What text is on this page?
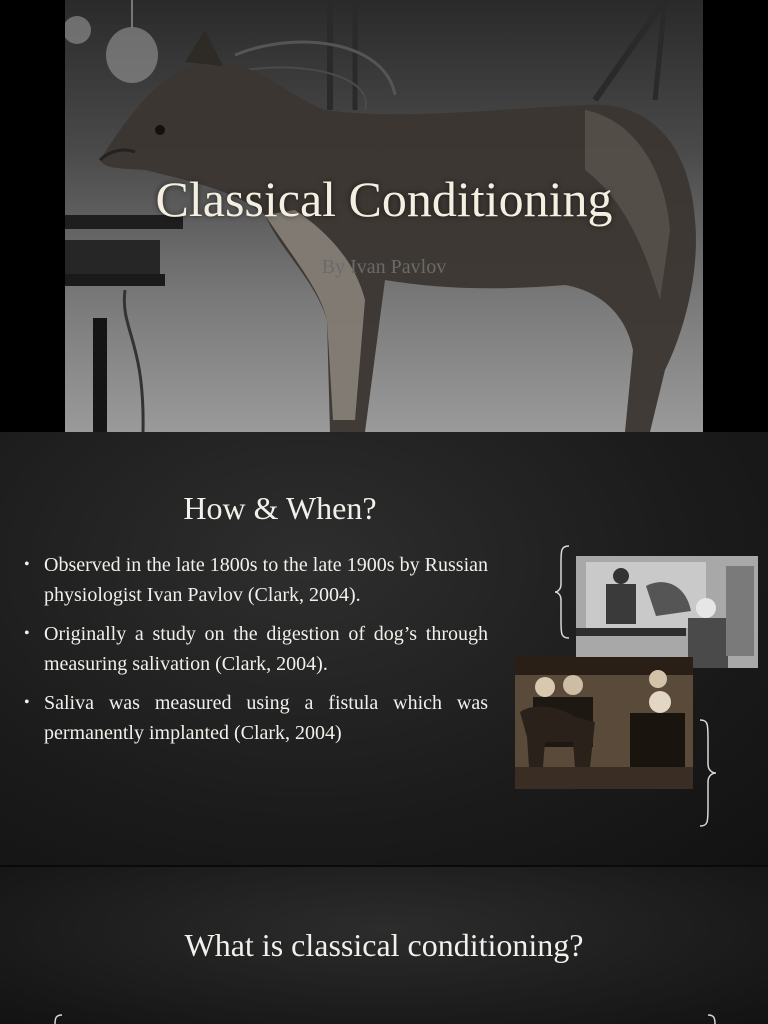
Classical Conditioning

By Ivan Pavlov

How & When?
• Observed in the late 1800s to the late 1900s by Russian physiologist Ivan Pavlov (Clark, 2004).
• Originally a study on the digestion of dog’s through measuring salivation (Clark, 2004).
• Saliva was measured using a fistula which was permanently implanted (Clark, 2004)
What is classical conditioning?
